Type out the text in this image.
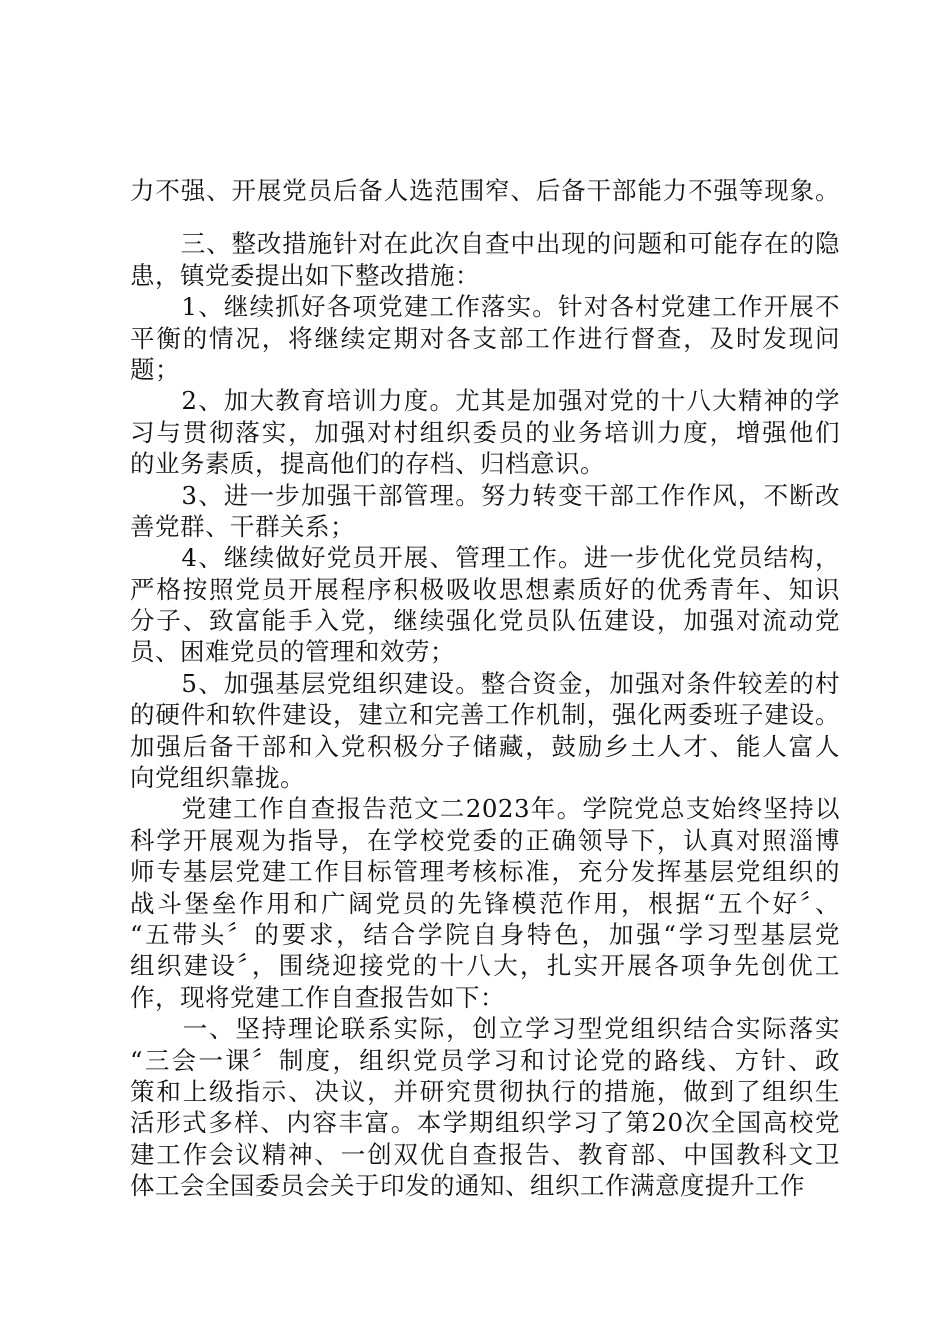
力不强、开展党员后备人选范围窄、后备干部能力不强等现象。
　　三、整改措施针对在此次自查中出现的问题和可能存在的隐
患，镇党委提出如下整改措施：
　　1、继续抓好各项党建工作落实。针对各村党建工作开展不
平衡的情况，将继续定期对各支部工作进行督查，及时发现问
题；
　　2、加大教育培训力度。尤其是加强对党的十八大精神的学
习与贯彻落实，加强对村组织委员的业务培训力度，增强他们
的业务素质，提高他们的存档、归档意识。
　　3、进一步加强干部管理。努力转变干部工作作风，不断改
善党群、干群关系；
　　4、继续做好党员开展、管理工作。进一步优化党员结构，
严格按照党员开展程序积极吸收思想素质好的优秀青年、知识
分子、致富能手入党，继续强化党员队伍建设，加强对流动党
员、困难党员的管理和效劳；
　　5、加强基层党组织建设。整合资金，加强对条件较差的村
的硬件和软件建设，建立和完善工作机制，强化两委班子建设。
加强后备干部和入党积极分子储藏，鼓励乡土人才、能人富人
向党组织靠拢。
　　党建工作自查报告范文二2023年。学院党总支始终坚持以
科学开展观为指导，在学校党委的正确领导下，认真对照淄博
师专基层党建工作目标管理考核标准，充分发挥基层党组织的
战斗堡垒作用和广阔党员的先锋模范作用，根据“五个好〞、
“五带头〞的要求，结合学院自身特色，加强“学习型基层党
组织建设〞，围绕迎接党的十八大，扎实开展各项争先创优工
作，现将党建工作自查报告如下：
　　一、坚持理论联系实际，创立学习型党组织结合实际落实
“三会一课〞制度，组织党员学习和讨论党的路线、方针、政
策和上级指示、决议，并研究贯彻执行的措施，做到了组织生
活形式多样、内容丰富。本学期组织学习了第20次全国高校党
建工作会议精神、一创双优自查报告、教育部、中国教科文卫
体工会全国委员会关于印发的通知、组织工作满意度提升工作
